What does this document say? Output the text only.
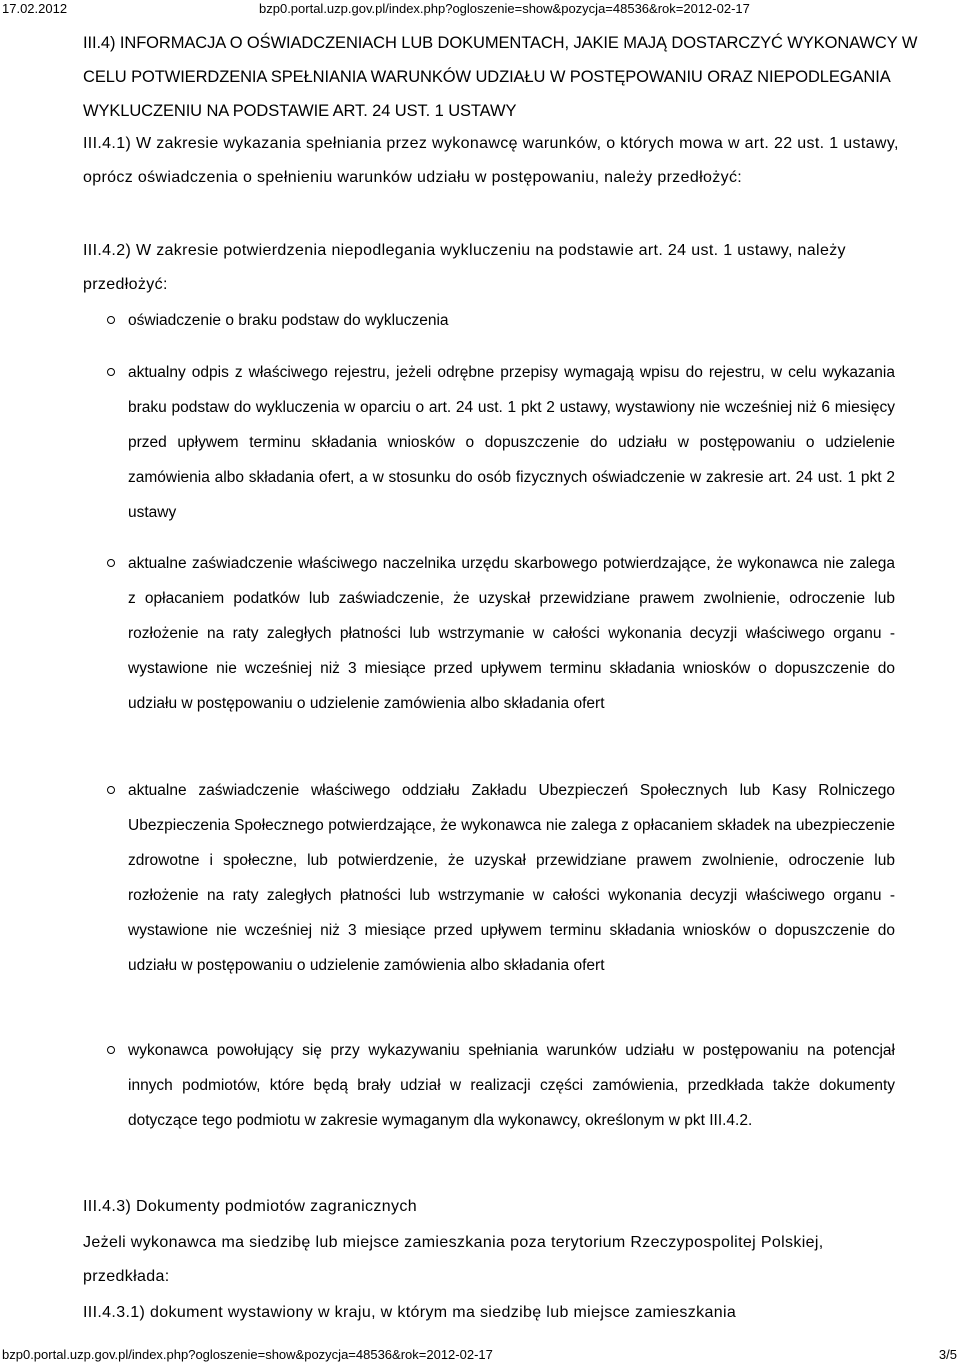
17.02.2012	bzp0.portal.uzp.gov.pl/index.php?ogloszenie=show&pozycja=48536&rok=2012-02-17
III.4) INFORMACJA O OŚWIADCZENIACH LUB DOKUMENTACH, JAKIE MAJĄ DOSTARCZYĆ WYKONAWCY W CELU POTWIERDZENIA SPEŁNIANIA WARUNKÓW UDZIAŁU W POSTĘPOWANIU ORAZ NIEPODLEGANIA WYKLUCZENIU NA PODSTAWIE ART. 24 UST. 1 USTAWY
III.4.1) W zakresie wykazania spełniania przez wykonawcę warunków, o których mowa w art. 22 ust. 1 ustawy, oprócz oświadczenia o spełnieniu warunków udziału w postępowaniu, należy przedłożyć:
III.4.2) W zakresie potwierdzenia niepodlegania wykluczeniu na podstawie art. 24 ust. 1 ustawy, należy przedłożyć:
oświadczenie o braku podstaw do wykluczenia
aktualny odpis z właściwego rejestru, jeżeli odrębne przepisy wymagają wpisu do rejestru, w celu wykazania braku podstaw do wykluczenia w oparciu o art. 24 ust. 1 pkt 2 ustawy, wystawiony nie wcześniej niż 6 miesięcy przed upływem terminu składania wniosków o dopuszczenie do udziału w postępowaniu o udzielenie zamówienia albo składania ofert, a w stosunku do osób fizycznych oświadczenie w zakresie art. 24 ust. 1 pkt 2 ustawy
aktualne zaświadczenie właściwego naczelnika urzędu skarbowego potwierdzające, że wykonawca nie zalega z opłacaniem podatków lub zaświadczenie, że uzyskał przewidziane prawem zwolnienie, odroczenie lub rozłożenie na raty zaległych płatności lub wstrzymanie w całości wykonania decyzji właściwego organu - wystawione nie wcześniej niż 3 miesiące przed upływem terminu składania wniosków o dopuszczenie do udziału w postępowaniu o udzielenie zamówienia albo składania ofert
aktualne zaświadczenie właściwego oddziału Zakładu Ubezpieczeń Społecznych lub Kasy Rolniczego Ubezpieczenia Społecznego potwierdzające, że wykonawca nie zalega z opłacaniem składek na ubezpieczenie zdrowotne i społeczne, lub potwierdzenie, że uzyskał przewidziane prawem zwolnienie, odroczenie lub rozłożenie na raty zaległych płatności lub wstrzymanie w całości wykonania decyzji właściwego organu - wystawione nie wcześniej niż 3 miesiące przed upływem terminu składania wniosków o dopuszczenie do udziału w postępowaniu o udzielenie zamówienia albo składania ofert
wykonawca powołujący się przy wykazywaniu spełniania warunków udziału w postępowaniu na potencjał innych podmiotów, które będą brały udział w realizacji części zamówienia, przedkłada także dokumenty dotyczące tego podmiotu w zakresie wymaganym dla wykonawcy, określonym w pkt III.4.2.
III.4.3) Dokumenty podmiotów zagranicznych
Jeżeli wykonawca ma siedzibę lub miejsce zamieszkania poza terytorium Rzeczypospolitej Polskiej, przedkłada:
III.4.3.1) dokument wystawiony w kraju, w którym ma siedzibę lub miejsce zamieszkania
bzp0.portal.uzp.gov.pl/index.php?ogloszenie=show&pozycja=48536&rok=2012-02-17	3/5
